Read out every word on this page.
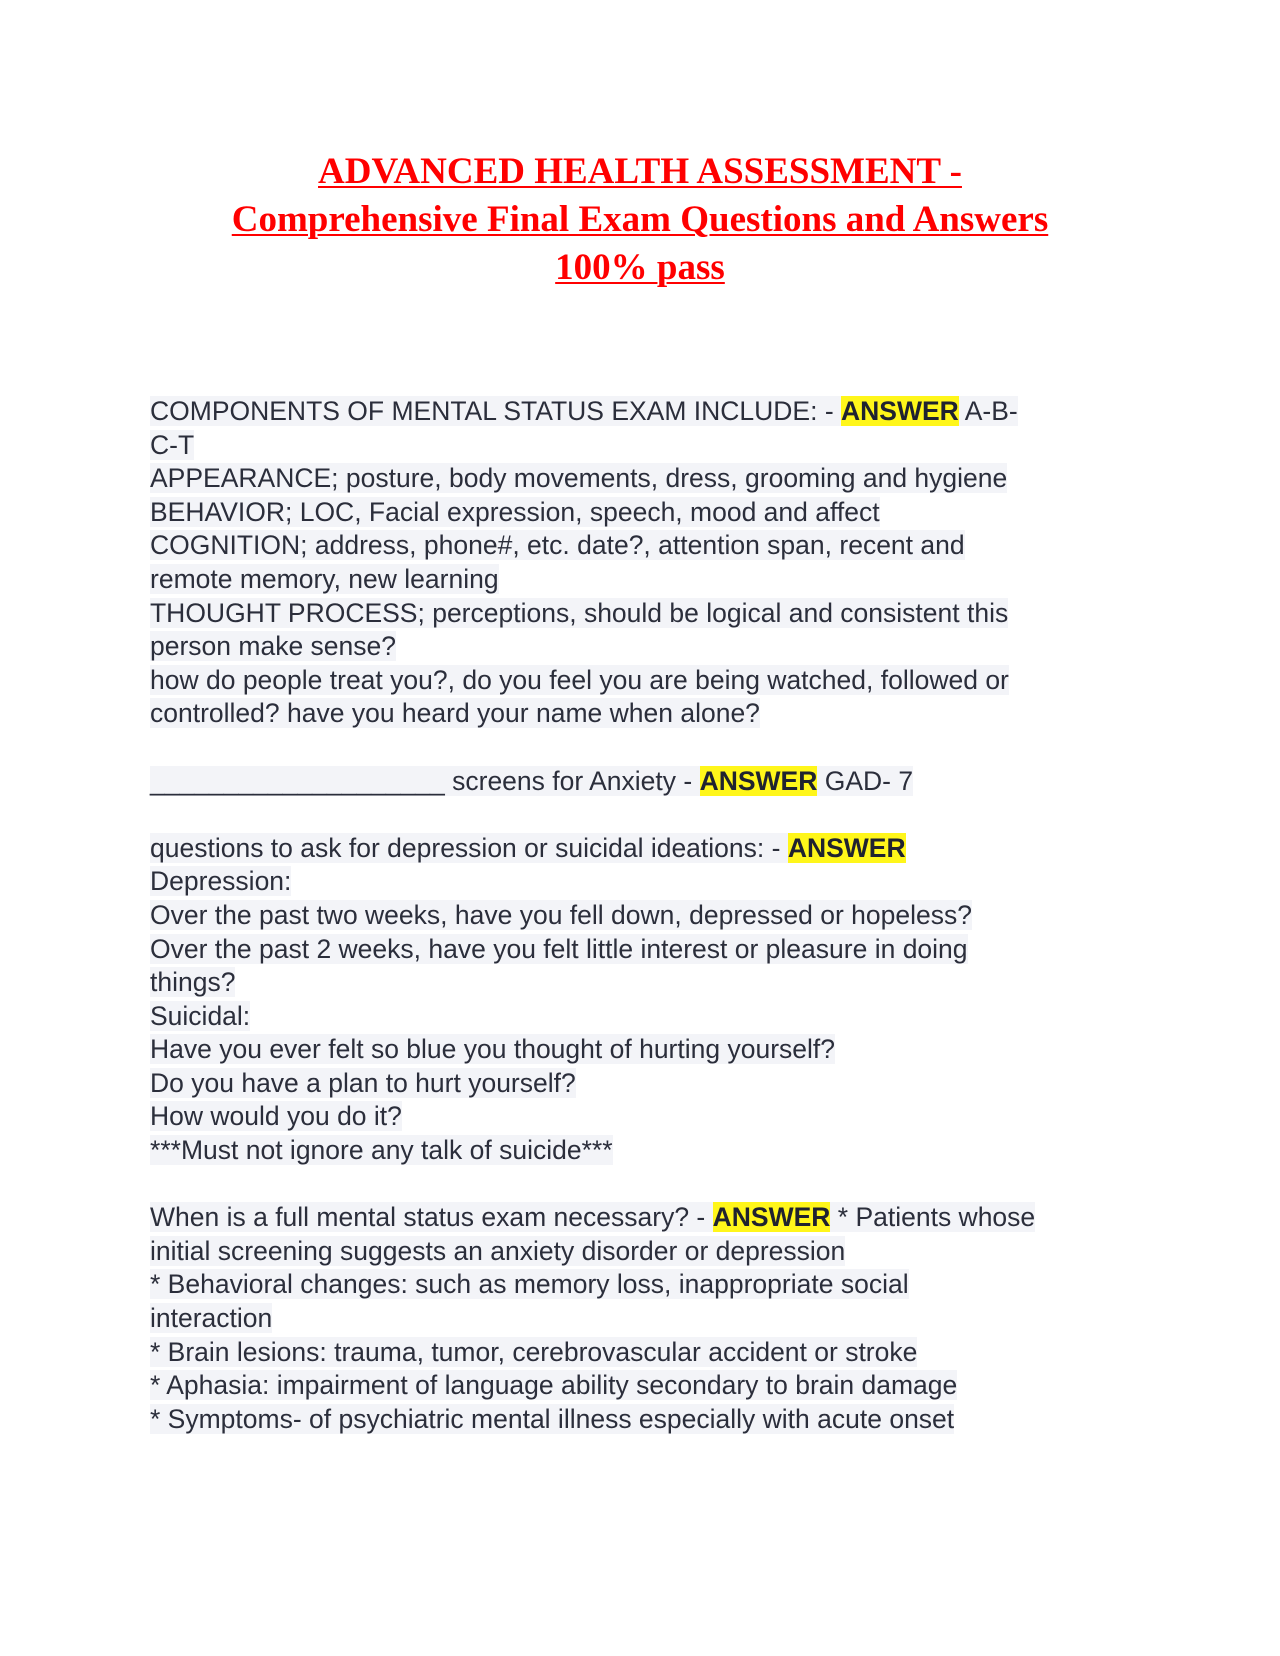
ADVANCED HEALTH ASSESSMENT -
Comprehensive Final Exam Questions and Answers
100% pass
COMPONENTS OF MENTAL STATUS EXAM INCLUDE: - ANSWER A-B-
C-T
APPEARANCE; posture, body movements, dress, grooming and hygiene
BEHAVIOR; LOC, Facial expression, speech, mood and affect
COGNITION; address, phone#, etc. date?, attention span, recent and
remote memory, new learning
THOUGHT PROCESS; perceptions, should be logical and consistent this
person make sense?
how do people treat you?, do you feel you are being watched, followed or
controlled? have you heard your name when alone?
____________________ screens for Anxiety - ANSWER GAD- 7
questions to ask for depression or suicidal ideations: - ANSWER
Depression:
Over the past two weeks, have you fell down, depressed or hopeless?
Over the past 2 weeks, have you felt little interest or pleasure in doing
things?
Suicidal:
Have you ever felt so blue you thought of hurting yourself?
Do you have a plan to hurt yourself?
How would you do it?
***Must not ignore any talk of suicide***
When is a full mental status exam necessary? - ANSWER * Patients whose
initial screening suggests an anxiety disorder or depression
* Behavioral changes: such as memory loss, inappropriate social
interaction
* Brain lesions: trauma, tumor, cerebrovascular accident or stroke
* Aphasia: impairment of language ability secondary to brain damage
* Symptoms- of psychiatric mental illness especially with acute onset
